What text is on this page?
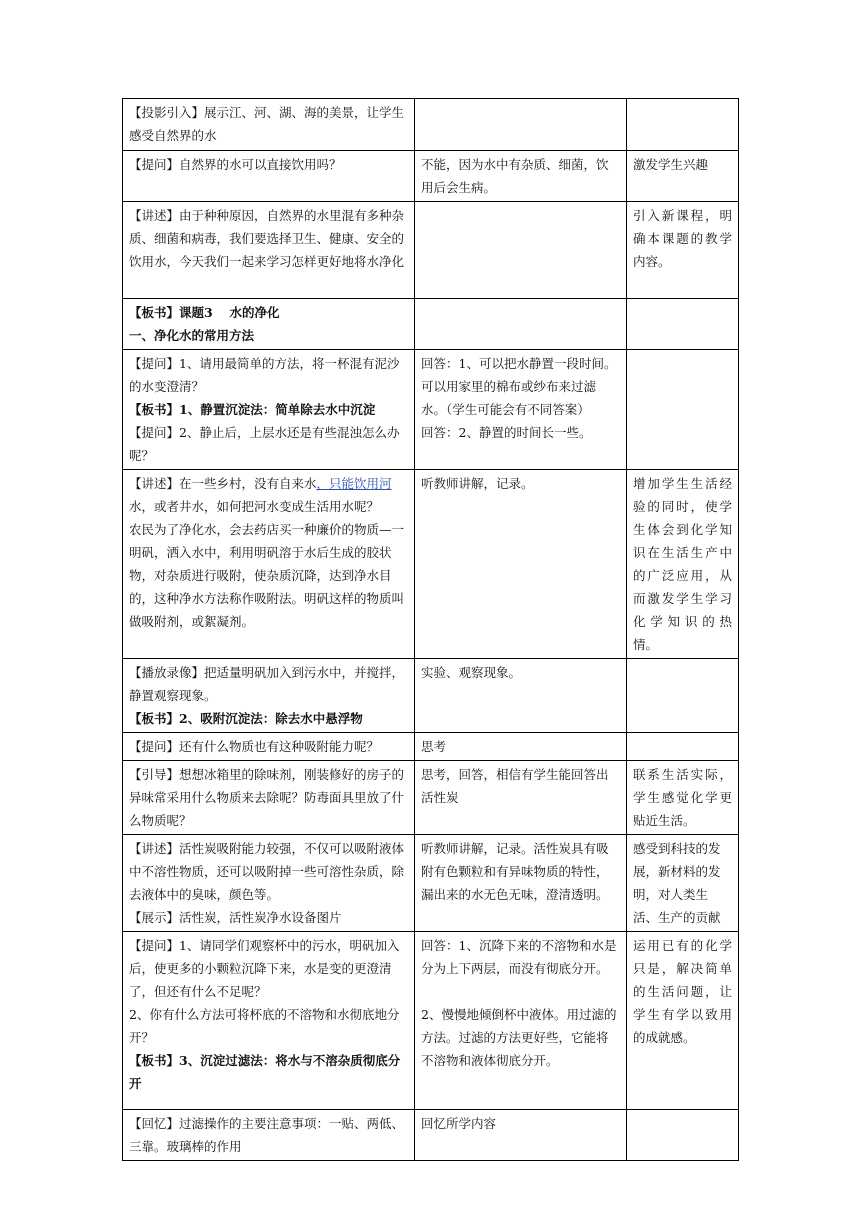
【投影引入】展示江、河、湖、海的美景，让学生感受自然界的水		
【提问】自然界的水可以直接饮用吗？	不能，因为水中有杂质、细菌，饮用后会生病。	激发学生兴趣

【讲述】由于种种原因，自然界的水里混有多种杂质、细菌和病毒，我们要选择卫生、健康、安全的饮用水，今天我们一起来学习怎样更好地将水净化		引入新课程，明确本课题的教学内容。

【板书】课题3　 水的净化
一、净化水的常用方法		

【提问】1、请用最简单的方法，将一杯混有泥沙的水变澄清？
【板书】1、静置沉淀法：简单除去水中沉淀
【提问】2、静止后，上层水还是有些混浊怎么办呢？	回答：1、可以把水静置一段时间。可以用家里的棉布或纱布来过滤水。（学生可能会有不同答案）
回答：2、静置的时间长一些。	

【讲述】在一些乡村，没有自来水，只能饮用河水，或者井水，如何把河水变成生活用水呢？
农民为了净化水，会去药店买一种廉价的物质—一明矾，洒入水中，利用明矾溶于水后生成的胶状物，对杂质进行吸附，使杂质沉降，达到净水目的，这种净水方法称作吸附法。明矾这样的物质叫做吸附剂，或絮凝剂。	听教师讲解，记录。	增加学生生活经验的同时，使学生体会到化学知识在生活生产中的广泛应用，从而激发学生学习化学知识的热情。

【播放录像】把适量明矾加入到污水中，并搅拌，静置观察现象。
【板书】2、吸附沉淀法：除去水中悬浮物	实验、观察现象。	

【提问】还有什么物质也有这种吸附能力呢？	思考	

【引导】想想冰箱里的除味剂，刚装修好的房子的异味常采用什么物质来去除呢？防毒面具里放了什么物质呢？	思考，回答，相信有学生能回答出活性炭	联系生活实际，学生感觉化学更贴近生活。

【讲述】活性炭吸附能力较强，不仅可以吸附液体中不溶性物质，还可以吸附掉一些可溶性杂质，除去液体中的臭味，颜色等。
【展示】活性炭，活性炭净水设备图片	听教师讲解，记录。活性炭具有吸附有色颗粒和有异味物质的特性，漏出来的水无色无味，澄清透明。	感受到科技的发展，新材料的发明，对人类生活、生产的贡献

【提问】1、请同学们观察杯中的污水，明矾加入后，使更多的小颗粒沉降下来，水是变的更澄清了，但还有什么不足呢？
2、你有什么方法可将杯底的不溶物和水彻底地分开？
【板书】3、沉淀过滤法：将水与不溶杂质彻底分开	回答：1、沉降下来的不溶物和水是分为上下两层，而没有彻底分开。
2、慢慢地倾倒杯中液体。用过滤的方法。过滤的方法更好些，它能将不溶物和液体彻底分开。	运用已有的化学只是，解决简单的生活问题，让学生有学以致用的成就感。

【回忆】过滤操作的主要注意事项：一贴、两低、三靠。玻璃棒的作用	回忆所学内容	
